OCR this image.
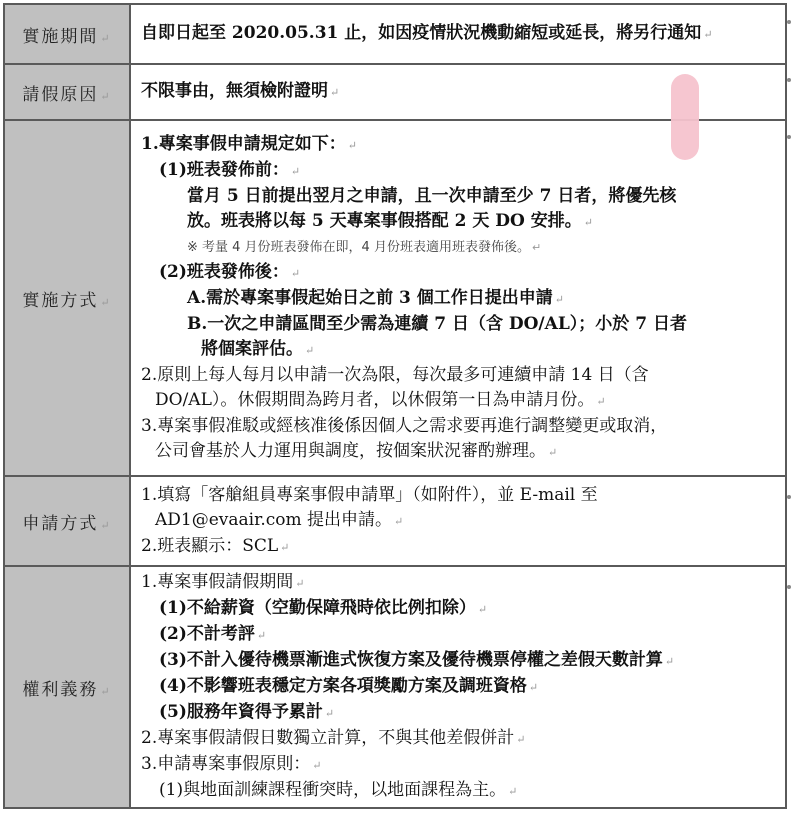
實施期間 ↵	自即日起至 2020.05.31 止，如因疫情狀況機動縮短或延長，將另行通知 ↵

請假原因 ↵	不限事由，無須檢附證明 ↵

實施方式 ↵	
1.專案事假申請規定如下： ↵
(1)班表發佈前： ↵
當月 5 日前提出翌月之申請，且一次申請至少 7 日者，將優先核
放。班表將以每 5 天專案事假搭配 2 天 DO 安排。 ↵
※ 考量 4 月份班表發佈在即，4 月份班表適用班表發佈後。 ↵
(2)班表發佈後： ↵
A.需於專案事假起始日之前 3 個工作日提出申請 ↵
B.一次之申請區間至少需為連續 7 日（含 DO/AL）；小於 7 日者
將個案評估。 ↵
2.原則上每人每月以申請一次為限，每次最多可連續申請 14 日（含
DO/AL）。休假期間為跨月者，以休假第一日為申請月份。 ↵
3.專案事假准駁或經核准後係因個人之需求要再進行調整變更或取消，
公司會基於人力運用與調度，按個案狀況審酌辦理。 ↵

申請方式 ↵	1.填寫「客艙組員專案事假申請單」（如附件），並 E-mail 至
AD1@evaair.com 提出申請。 ↵
2.班表顯示：SCL ↵

權利義務 ↵	
1.專案事假請假期間 ↵
(1)不給薪資（空勤保障飛時依比例扣除） ↵
(2)不計考評 ↵
(3)不計入優待機票漸進式恢復方案及優待機票停權之差假天數計算 ↵
(4)不影響班表穩定方案各項獎勵方案及調班資格 ↵
(5)服務年資得予累計 ↵
2.專案事假請假日數獨立計算，不與其他差假併計 ↵
3.申請專案事假原則： ↵
(1)與地面訓練課程衝突時，以地面課程為主。 ↵
